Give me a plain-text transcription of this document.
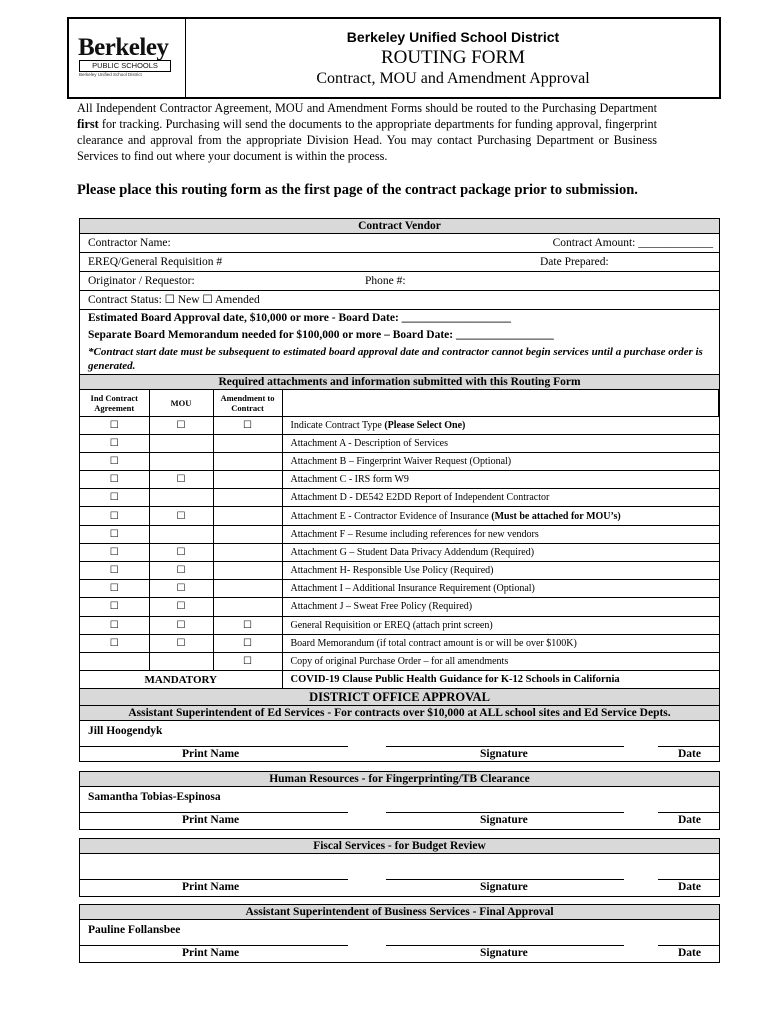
Berkeley
PUBLIC SCHOOLS
Berkeley Unified School District
Berkeley Unified School District
ROUTING FORM
Contract, MOU and Amendment Approval
All Independent Contractor Agreement, MOU and Amendment Forms should be routed to the Purchasing Department first for tracking. Purchasing will send the documents to the appropriate departments for funding approval, fingerprint clearance and approval from the appropriate Division Head. You may contact Purchasing Department or Business Services to find out where your document is within the process.
Please place this routing form as the first page of the contract package prior to submission.
Contract Vendor
Contractor Name:	Contract Amount: _____________
EREQ/General Requisition #	Date Prepared:
Originator / Requestor:	Phone #:
Contract Status: ☐ New ☐ Amended
Estimated Board Approval date, $10,000 or more - Board Date: ___________________
Separate Board Memorandum needed for $100,000 or more – Board Date: _________________
*Contract start date must be subsequent to estimated board approval date and contractor cannot begin services until a purchase order is generated.
Required attachments and information submitted with this Routing Form
Ind Contract Agreement	MOU	Amendment to Contract	
☐	☐	☐	Indicate Contract Type (Please Select One)
☐			Attachment A - Description of Services
☐			Attachment B – Fingerprint Waiver Request (Optional)
☐	☐		Attachment C - IRS form W9
☐			Attachment D - DE542 E2DD Report of Independent Contractor
☐	☐		Attachment E - Contractor Evidence of Insurance (Must be attached for MOU’s)
☐			Attachment F – Resume including references for new vendors
☐	☐		Attachment G – Student Data Privacy Addendum (Required)
☐	☐		Attachment H- Responsible Use Policy (Required)
☐	☐		Attachment I – Additional Insurance Requirement (Optional)
☐	☐		Attachment J – Sweat Free Policy (Required)
☐	☐	☐	General Requisition or EREQ (attach print screen)
☐	☐	☐	Board Memorandum (if total contract amount is or will be over $100K)
		☐	Copy of original Purchase Order – for all amendments
MANDATORY			COVID-19 Clause Public Health Guidance for K-12 Schools in California
DISTRICT OFFICE APPROVAL
Assistant Superintendent of Ed Services - For contracts over $10,000 at ALL school sites and Ed Service Depts.
Jill Hoogendyk
Print Name	Signature	Date
Human Resources - for Fingerprinting/TB Clearance
Samantha Tobias-Espinosa
Print Name	Signature	Date
Fiscal Services - for Budget Review
Print Name	Signature	Date
Assistant Superintendent of Business Services - Final Approval
Pauline Follansbee
Print Name	Signature	Date
